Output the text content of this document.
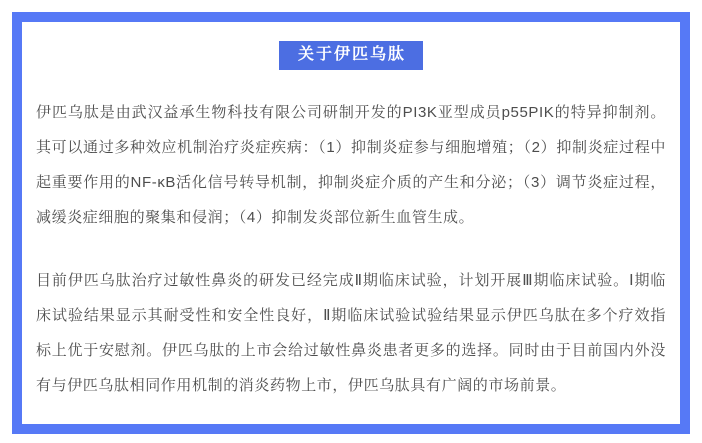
关于伊匹乌肽

伊匹乌肽是由武汉益承生物科技有限公司研制开发的PI3K亚型成员p55PIK的特异抑制剂。其可以通过多种效应机制治疗炎症疾病：（1）抑制炎症参与细胞增殖；（2）抑制炎症过程中起重要作用的NF-κB活化信号转导机制，抑制炎症介质的产生和分泌；（3）调节炎症过程，减缓炎症细胞的聚集和侵润；（4）抑制发炎部位新生血管生成。

目前伊匹乌肽治疗过敏性鼻炎的研发已经完成Ⅱ期临床试验，计划开展Ⅲ期临床试验。Ⅰ期临床试验结果显示其耐受性和安全性良好，Ⅱ期临床试验试验结果显示伊匹乌肽在多个疗效指标上优于安慰剂。伊匹乌肽的上市会给过敏性鼻炎患者更多的选择。同时由于目前国内外没有与伊匹乌肽相同作用机制的消炎药物上市，伊匹乌肽具有广阔的市场前景。
